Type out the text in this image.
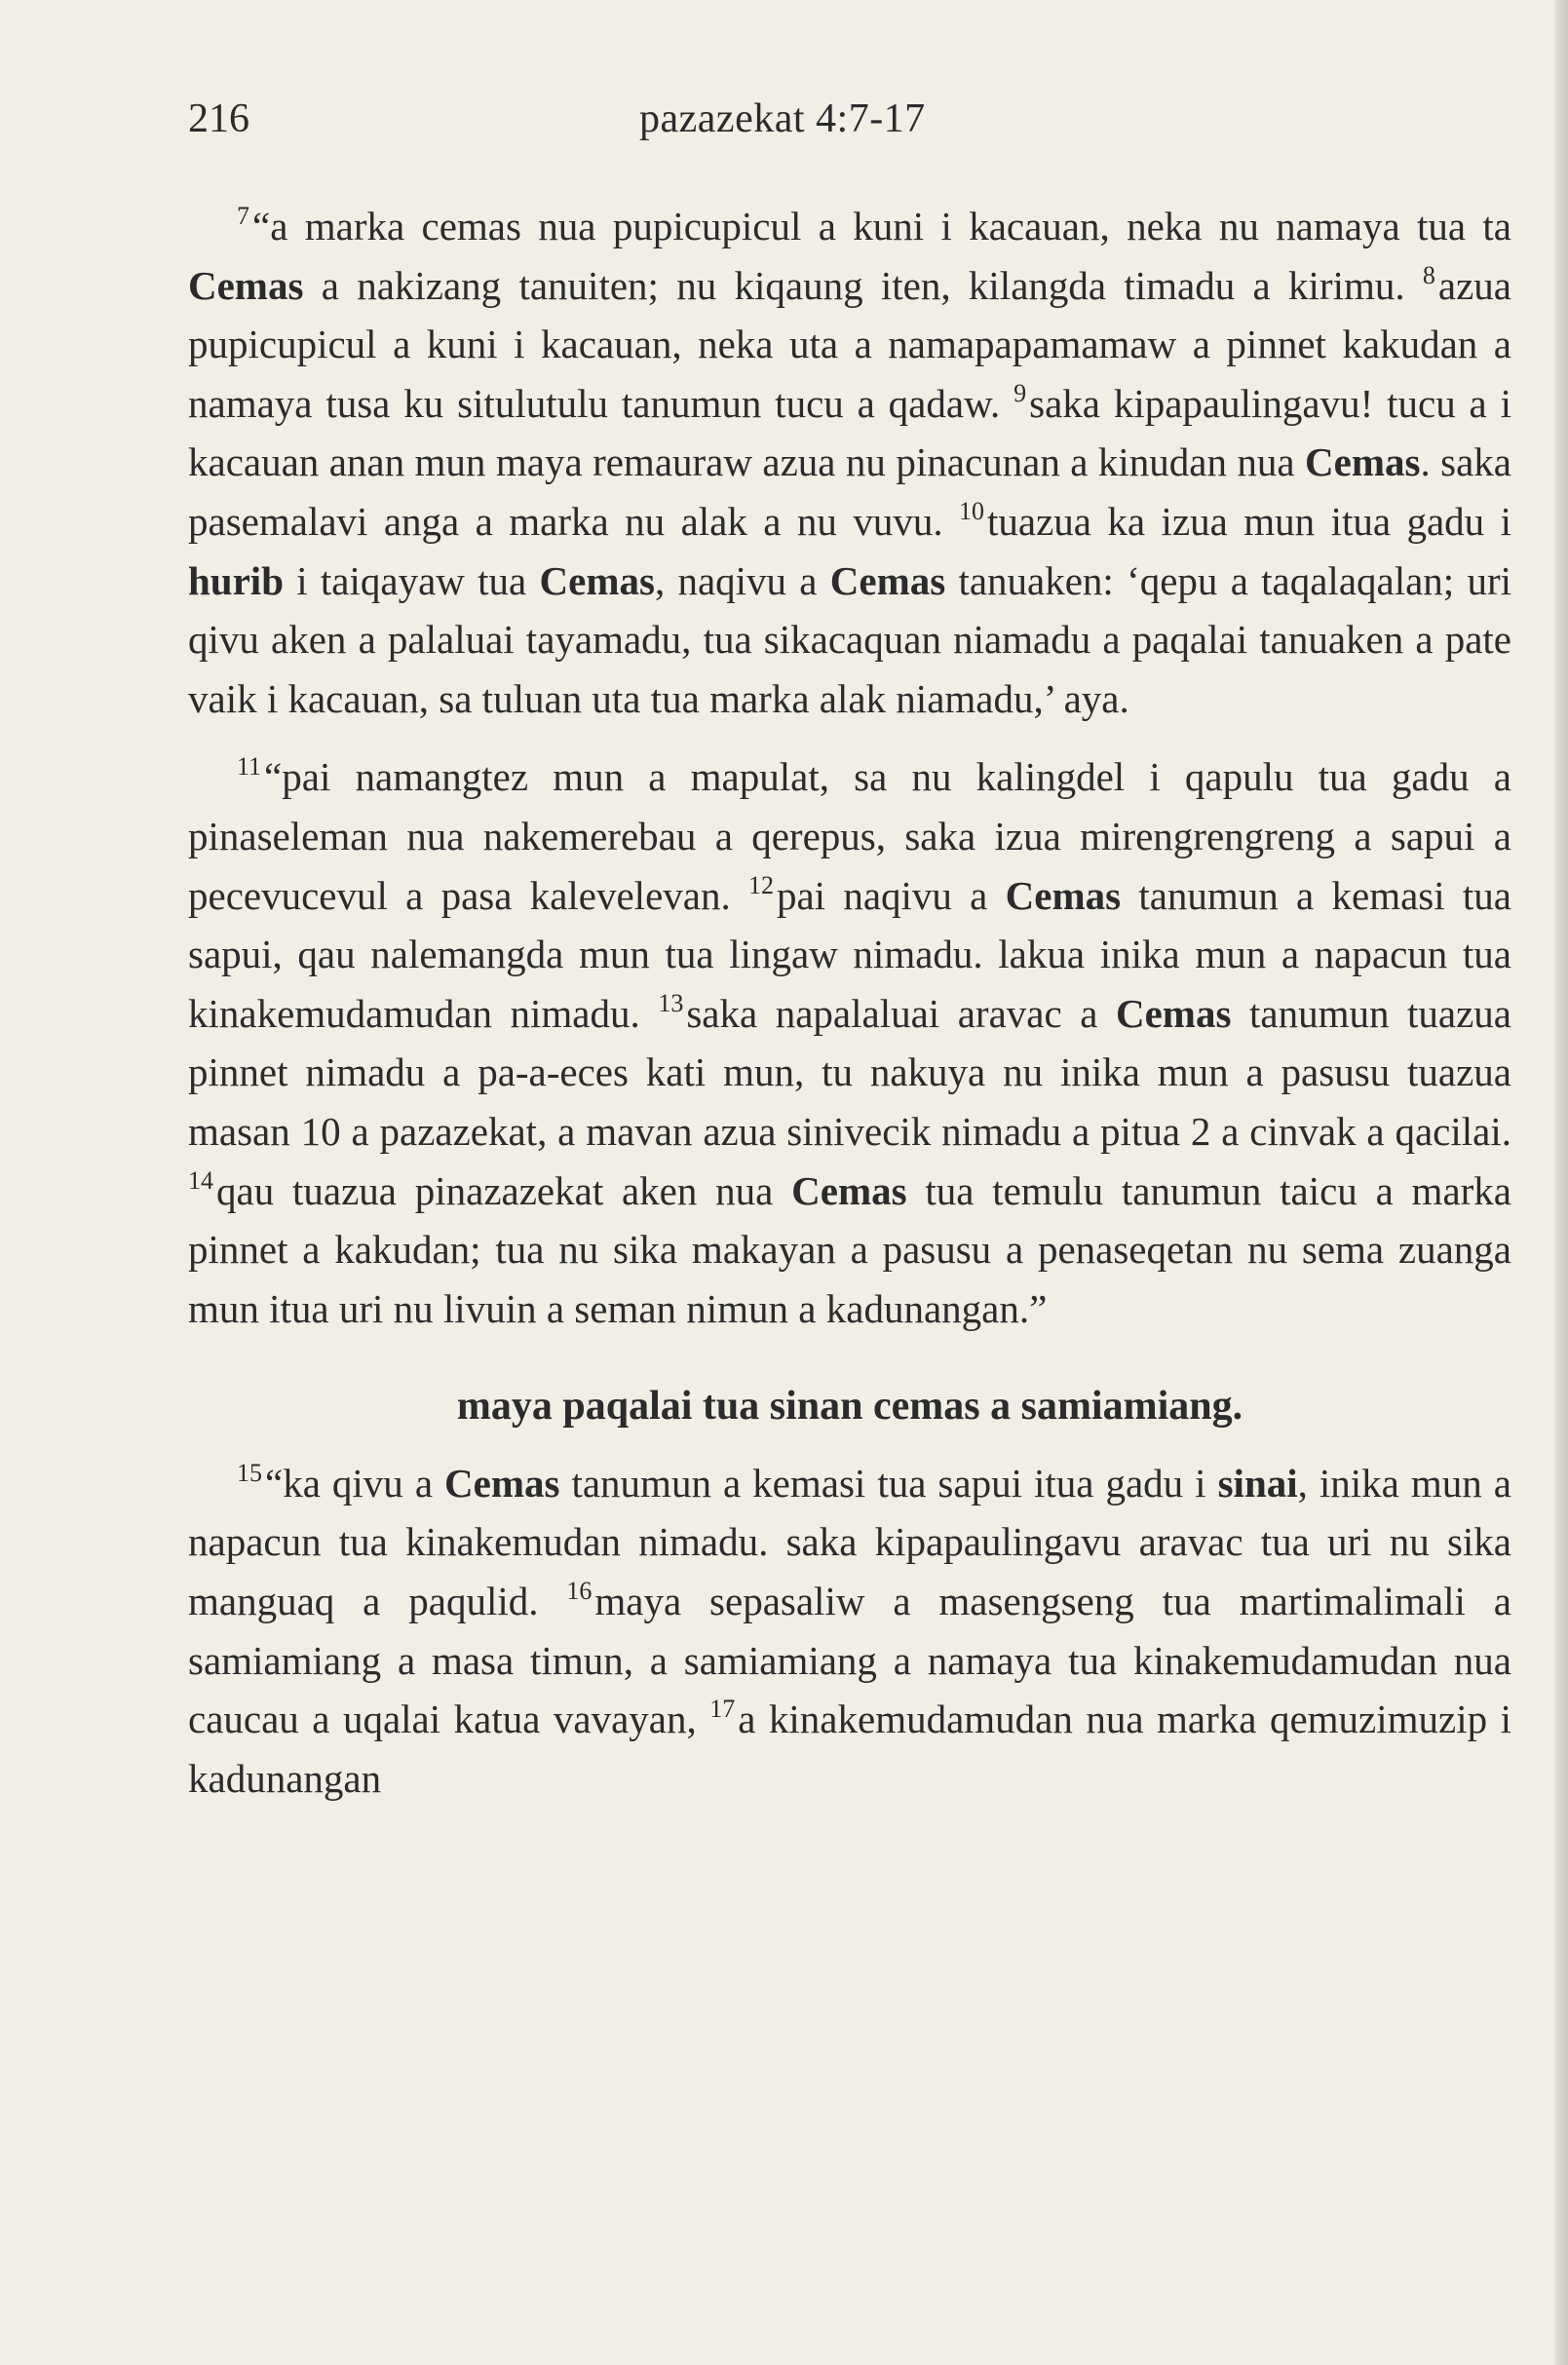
216	pazazekat 4:7-17

$^7$“a marka cemas nua pupicupicul a kuni i kacauan, neka nu namaya tua ta Cemas a nakizang tanuiten; nu kiqaung iten, kilangda timadu a kirimu. $^8$azua pupicupicul a kuni i kacauan, neka uta a namapapamamaw a pinnet kakudan a namaya tusa ku situlutulu tanumun tucu a qadaw. $^9$saka kipapaulingavu! tucu a i kacauan anan mun maya remauraw azua nu pinacunan a kinudan nua Cemas. saka pasemalavi anga a marka nu alak a nu vuvu. $^{10}$tuazua ka izua mun itua gadu i hurib i taiqayaw tua Cemas, naqivu a Cemas tanuaken: ‘qepu a taqalaqalan; uri qivu aken a palaluai tayamadu, tua sikacaquan niamadu a paqalai tanuaken a pate vaik i kacauan, sa tuluan uta tua marka alak niamadu,’ aya.

$^{11}$“pai namangtez mun a mapulat, sa nu kalingdel i qapulu tua gadu a pinaseleman nua nakemerebau a qerepus, saka izua mirengrengreng a sapui a pecevucevul a pasa kalevelevan. $^{12}$pai naqivu a Cemas tanumun a kemasi tua sapui, qau nalemangda mun tua lingaw nimadu. lakua inika mun a napacun tua kinakemudamudan nimadu. $^{13}$saka napalaluai aravac a Cemas tanumun tuazua pinnet nimadu a pa-a-eces kati mun, tu nakuya nu inika mun a pasusu tuazua masan 10 a pazazekat, a mavan azua sinivecik nimadu a pitua 2 a cinvak a qacilai. $^{14}$qau tuazua pinazazekat aken nua Cemas tua temulu tanumun taicu a marka pinnet a kakudan; tua nu sika makayan a pasusu a penaseqetan nu sema zuanga mun itua uri nu livuin a seman nimun a kadunangan.”

maya paqalai tua sinan cemas a samiamiang.

$^{15}$“ka qivu a Cemas tanumun a kemasi tua sapui itua gadu i sinai, inika mun a napacun tua kinakemudan nimadu. saka kipapaulingavu aravac tua uri nu sika manguaq a paqulid. $^{16}$maya sepasaliw a masengseng tua martimalimali a samiamiang a masa timun, a samiamiang a namaya tua kinakemudamudan nua caucau a uqalai katua vavayan, $^{17}$a kinakemudamudan nua marka qemuzimuzip i kadunangan
